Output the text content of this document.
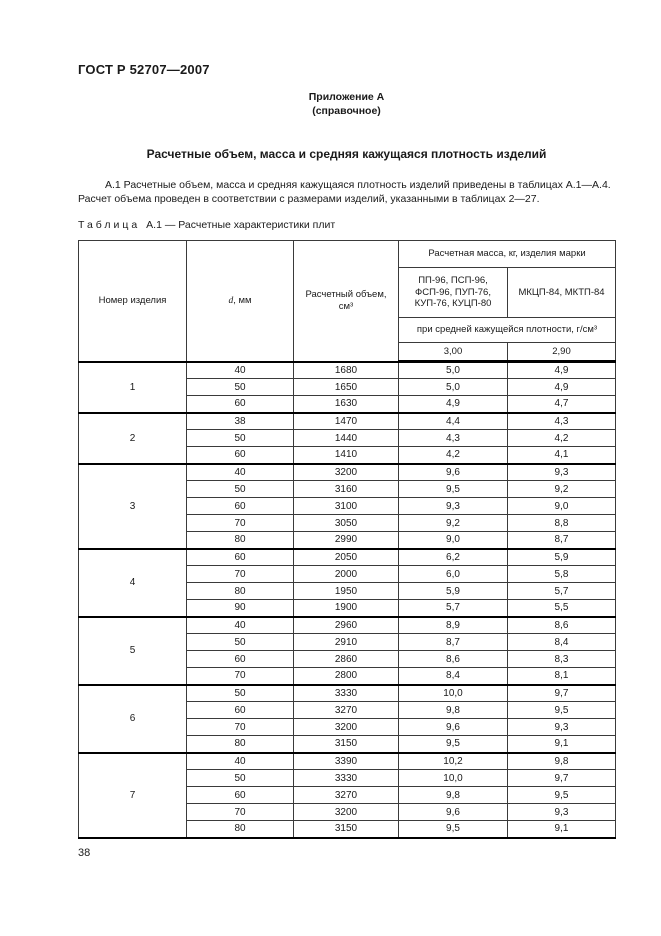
ГОСТ Р 52707—2007
Приложение А
(справочное)
Расчетные объем, масса и средняя кажущаяся плотность изделий
А.1 Расчетные объем, масса и средняя кажущаяся плотность изделий приведены в таблицах А.1—А.4.
Расчет объема проведен в соответствии с размерами изделий, указанными в таблицах 2—27.
Таблица А.1 — Расчетные характеристики плит
Номер изделия	d, мм	Расчетный объем, см³	Расчетная масса, кг, изделия марки	
			ПП-96, ПСП-96, ФСП-96, ПУП-76, КУП-76, КУЦП-80	МКЦП-84, МКТП-84
			при средней кажущейся плотности, г/см³	
			3,00	2,90
1	40	1680	5,0	4,9
	50	1650	5,0	4,9
	60	1630	4,9	4,7
2	38	1470	4,4	4,3
	50	1440	4,3	4,2
	60	1410	4,2	4,1
3	40	3200	9,6	9,3
	50	3160	9,5	9,2
	60	3100	9,3	9,0
	70	3050	9,2	8,8
	80	2990	9,0	8,7
4	60	2050	6,2	5,9
	70	2000	6,0	5,8
	80	1950	5,9	5,7
	90	1900	5,7	5,5
5	40	2960	8,9	8,6
	50	2910	8,7	8,4
	60	2860	8,6	8,3
	70	2800	8,4	8,1
6	50	3330	10,0	9,7
	60	3270	9,8	9,5
	70	3200	9,6	9,3
	80	3150	9,5	9,1
7	40	3390	10,2	9,8
	50	3330	10,0	9,7
	60	3270	9,8	9,5
	70	3200	9,6	9,3
	80	3150	9,5	9,1
38
